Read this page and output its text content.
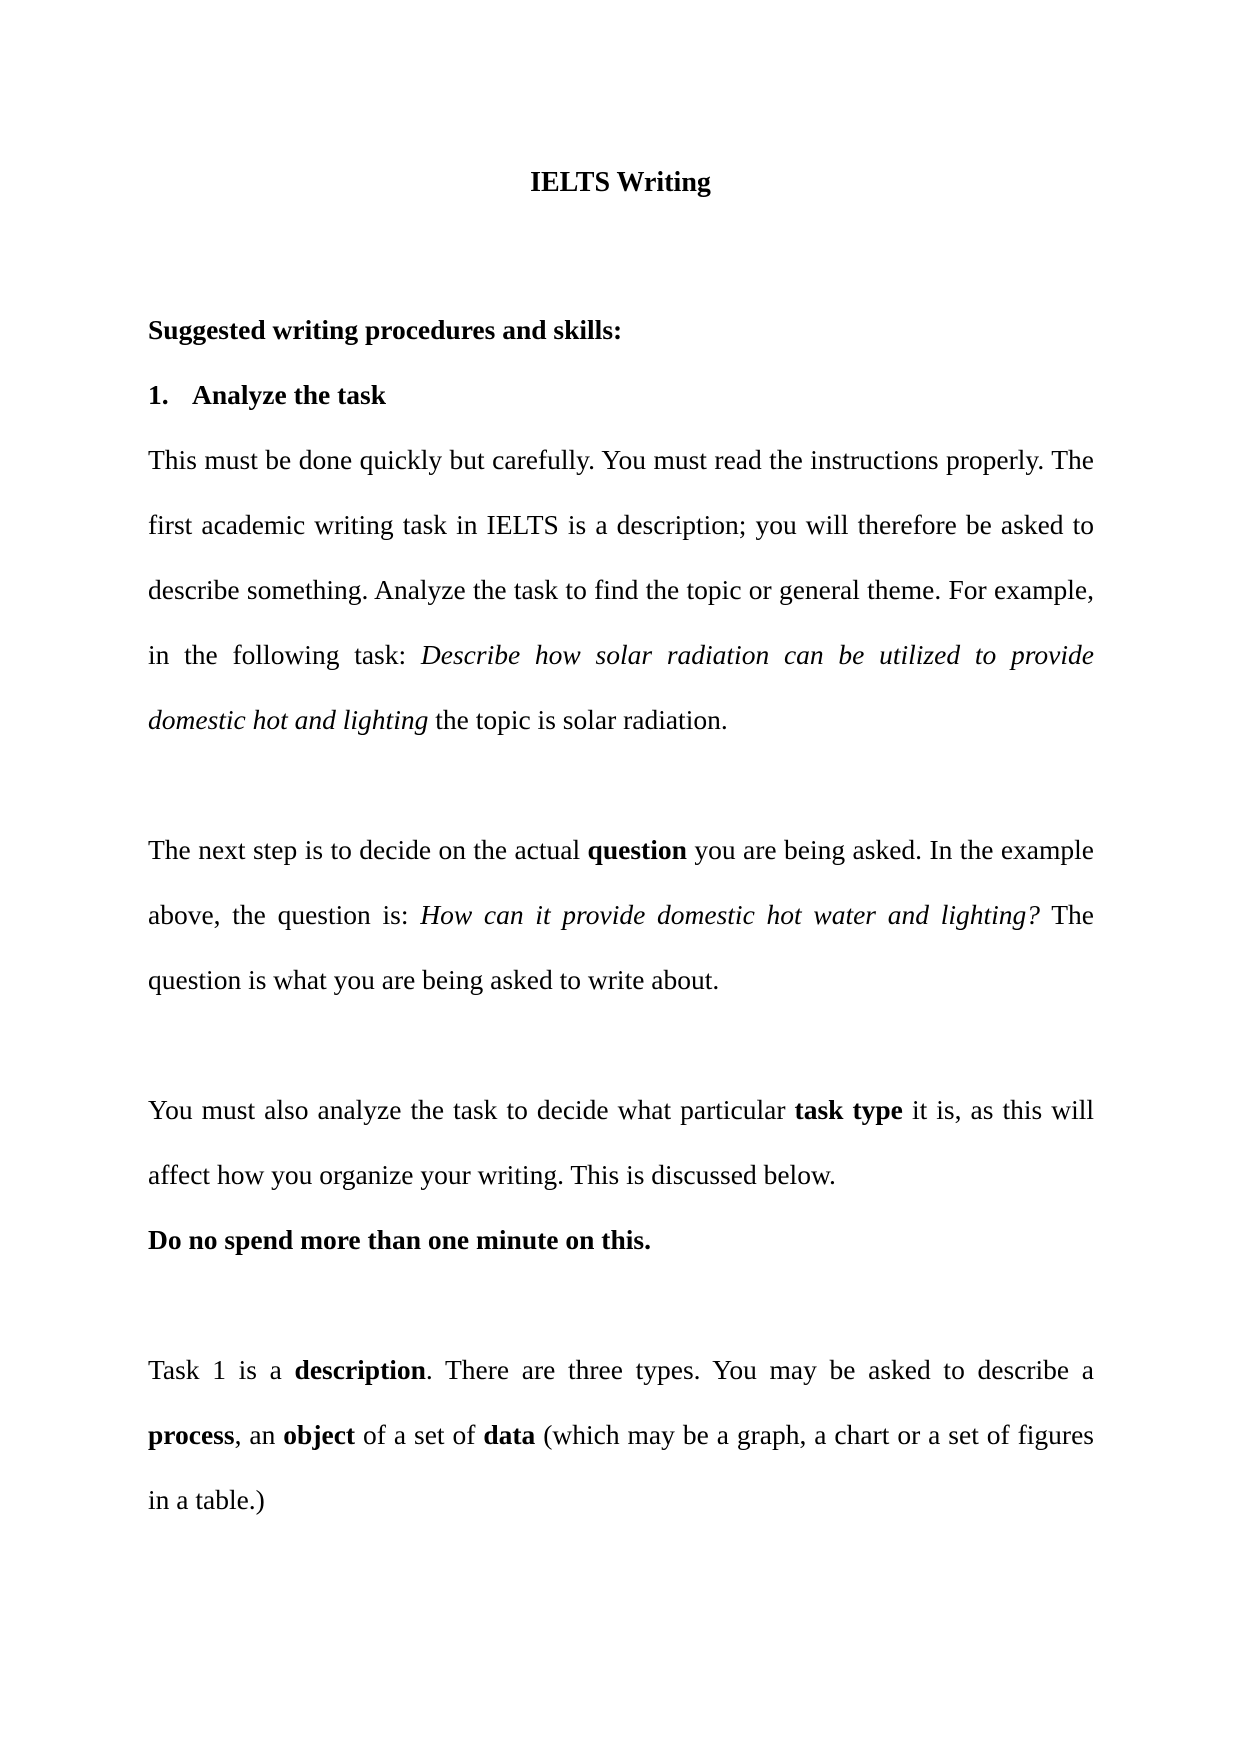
IELTS Writing

Suggested writing procedures and skills:

1. Analyze the task

This must be done quickly but carefully. You must read the instructions properly. The first academic writing task in IELTS is a description; you will therefore be asked to describe something. Analyze the task to find the topic or general theme. For example, in the following task: Describe how solar radiation can be utilized to provide domestic hot and lighting the topic is solar radiation.

The next step is to decide on the actual question you are being asked. In the example above, the question is: How can it provide domestic hot water and lighting? The question is what you are being asked to write about.

You must also analyze the task to decide what particular task type it is, as this will affect how you organize your writing. This is discussed below.

Do no spend more than one minute on this.

Task 1 is a description. There are three types. You may be asked to describe a process, an object of a set of data (which may be a graph, a chart or a set of figures in a table.)
